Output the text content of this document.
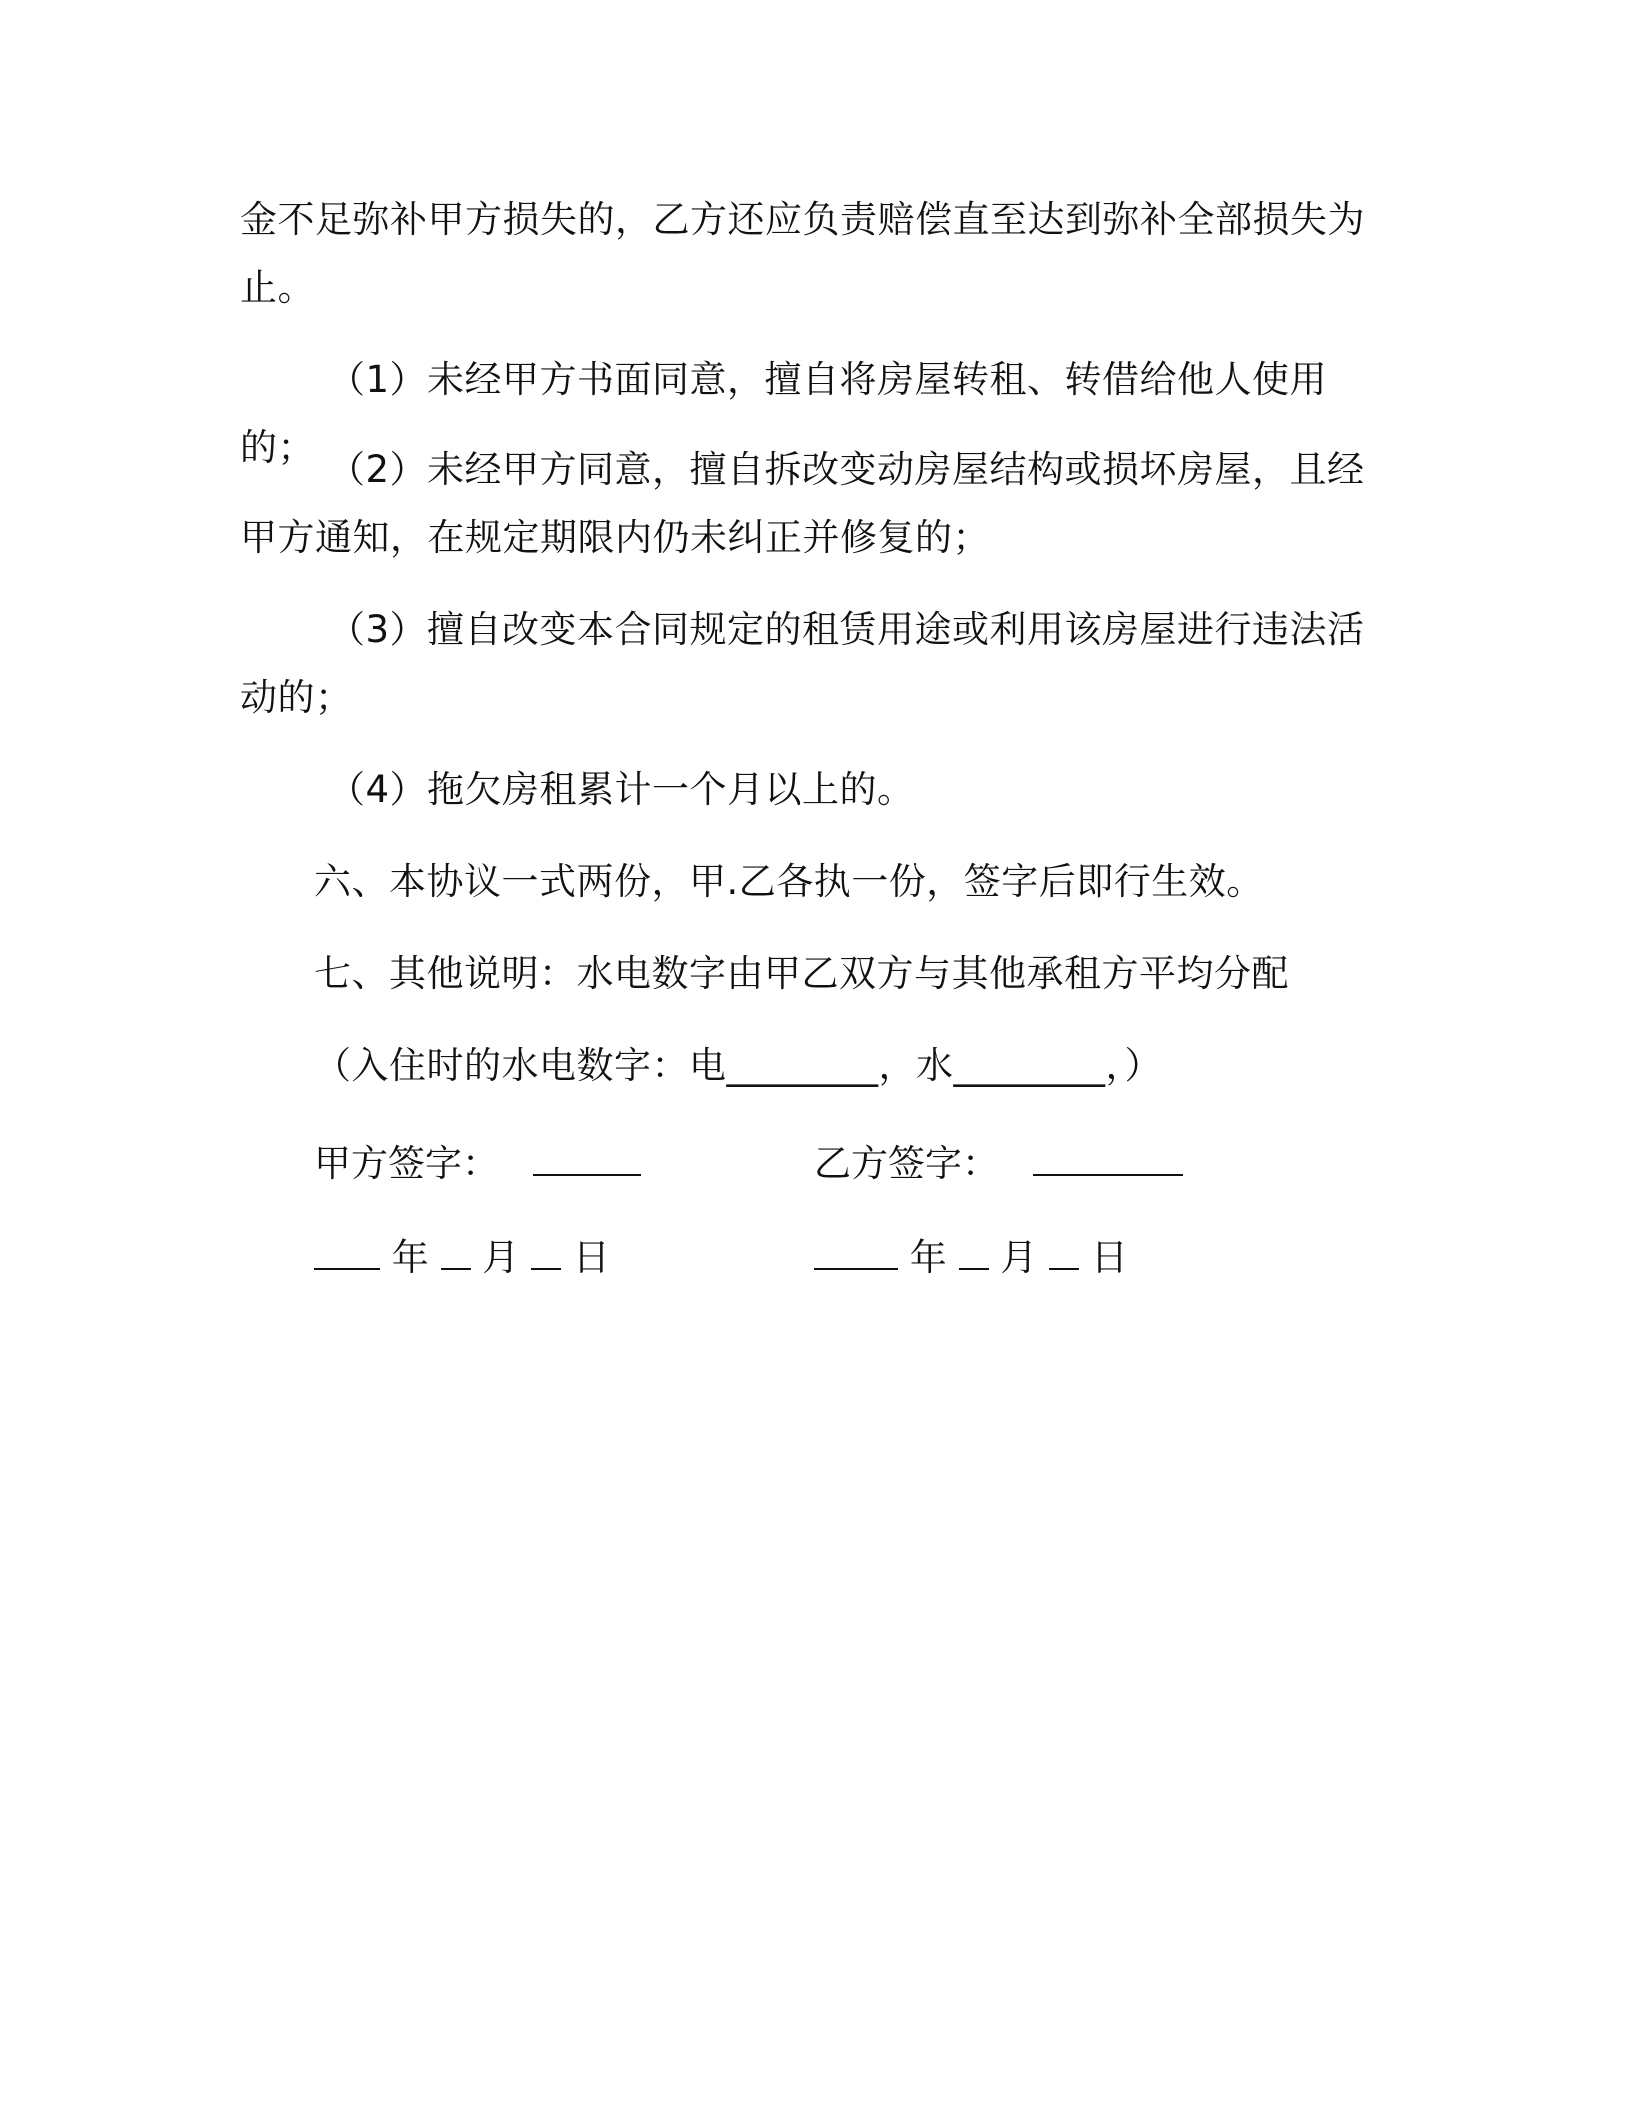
金不足弥补甲方损失的，乙方还应负责赔偿直至达到弥补全部损失为止。
（1）未经甲方书面同意，擅自将房屋转租、转借给他人使用的；
（2）未经甲方同意，擅自拆改变动房屋结构或损坏房屋，且经甲方通知，在规定期限内仍未纠正并修复的；
（3）擅自改变本合同规定的租赁用途或利用该房屋进行违法活动的；
（4）拖欠房租累计一个月以上的。
六、本协议一式两份，甲.乙各执一份，签字后即行生效。
七、其他说明：水电数字由甲乙双方与其他承租方平均分配
（入住时的水电数字：电________，水________，）
甲方签字：	乙方签字：
年 月 日	年 月 日
